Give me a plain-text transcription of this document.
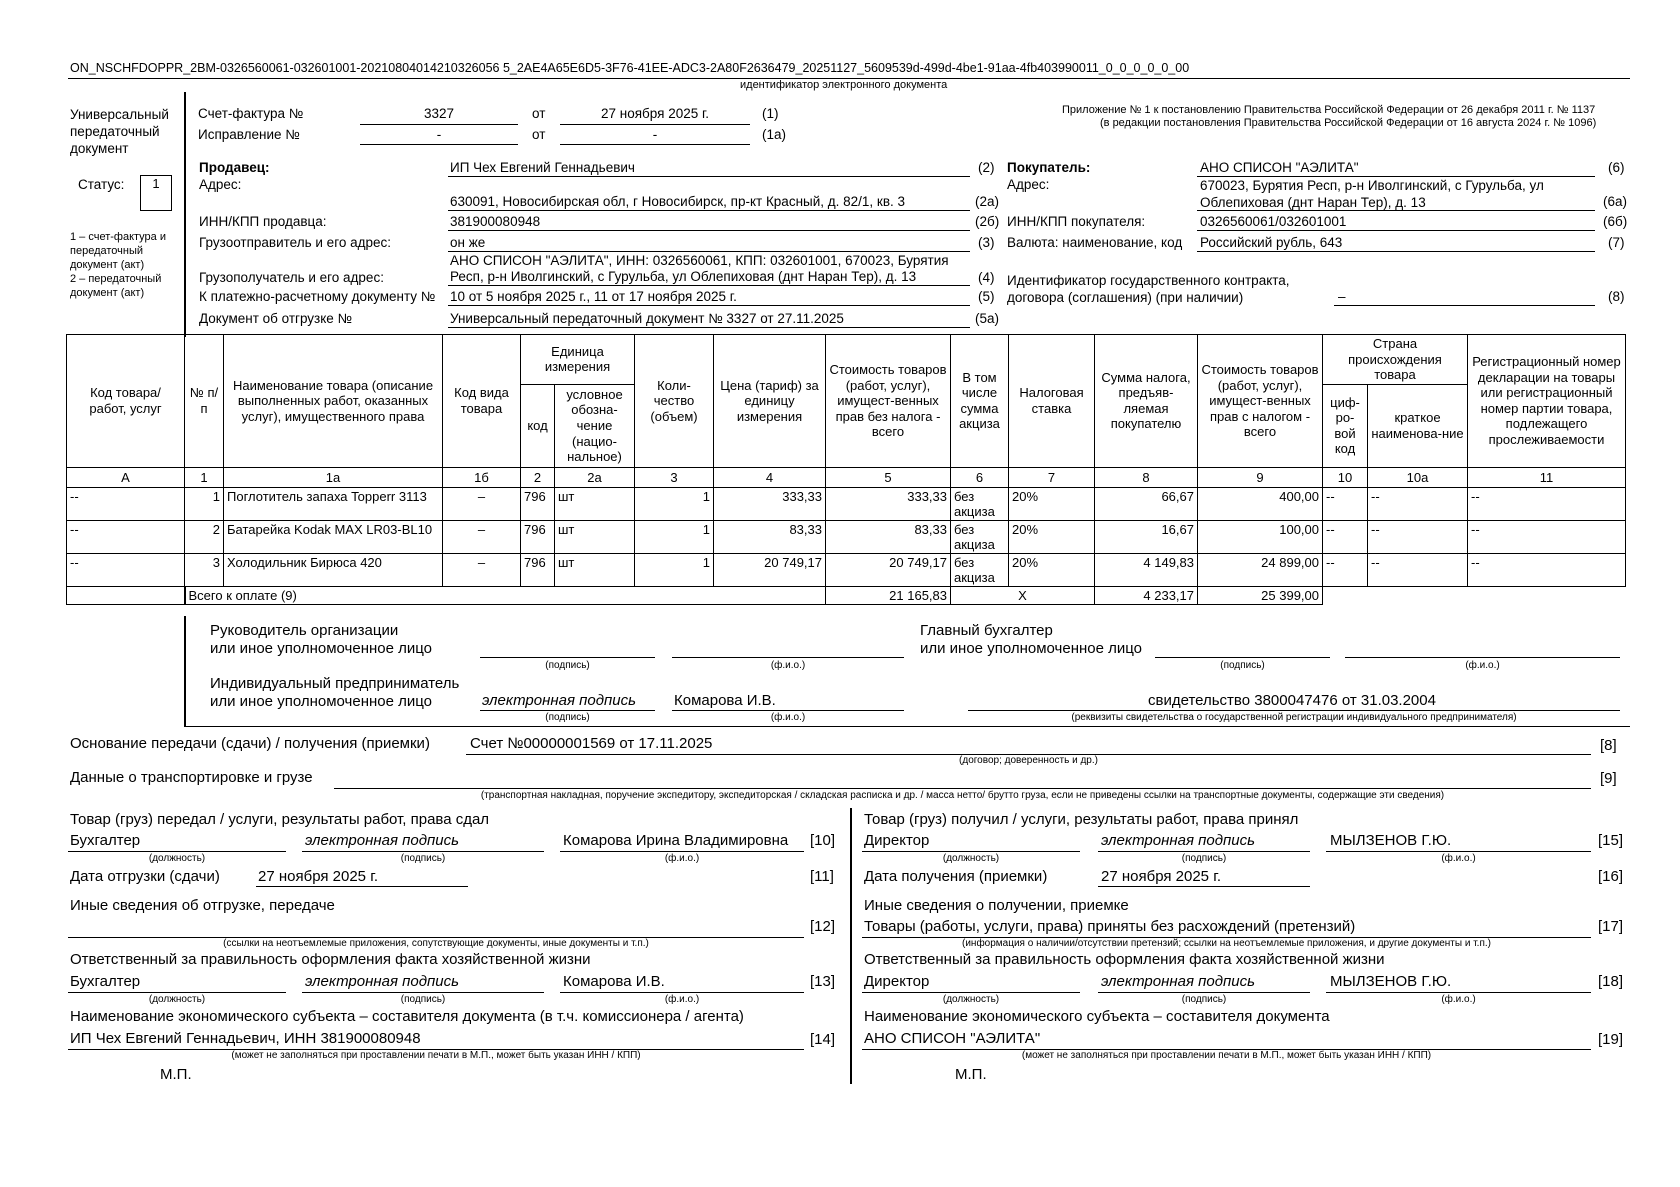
ON_NSCHFDOPPR_2BM-0326560061-032601001-20210804014210326056 5_2AE4A65E6D5-3F76-41EE-ADC3-2A80F2636479_20251127_5609539d-499d-4be1-91aa-4fb403990011_0_0_0_0_0_00
идентификатор электронного документа
Универсальный передаточный документ
Статус:	1
1 – счет-фактура и передаточный документ (акт)
2 – передаточный документ (акт)
Счет-фактура №	3327	от	27 ноября 2025 г.	(1)
Исправление №	-	от	-	(1а)
Приложение № 1 к постановлению Правительства Российской Федерации от 26 декабря 2011 г. № 1137
(в редакции постановления Правительства Российской Федерации от 16 августа 2024 г. № 1096)
Продавец:	ИП Чех Евгений Геннадьевич	(2)
Адрес:
630091, Новосибирская обл, г Новосибирск, пр-кт Красный, д. 82/1, кв. 3	(2а)
ИНН/КПП продавца:	381900080948	(2б)
Грузоотправитель и его адрес:	он же	(3)
Грузополучатель и его адрес:
АНО СПИСОН "АЭЛИТА", ИНН: 0326560061, КПП: 032601001, 670023, Бурятия Респ, р-н Иволгинский, с Гурульба, ул Облепиховая (днт Наран Тер), д. 13	(4)
К платежно-расчетному документу № 10 от 5 ноября 2025 г., 11 от 17 ноября 2025 г.	(5)
Документ об отгрузке №	Универсальный передаточный документ № 3327 от 27.11.2025	(5а)
Покупатель:	АНО СПИСОН "АЭЛИТА"	(6)
Адрес:	670023, Бурятия Респ, р-н Иволгинский, с Гурульба, ул Облепиховая (днт Наран Тер), д. 13	(6а)
ИНН/КПП покупателя:	0326560061/032601001	(6б)
Валюта: наименование, код Российский рубль, 643	(7)
Идентификатор государственного контракта,
договора (соглашения) (при наличии)	–	(8)
Код товара/ работ, услуг	№ п/п	Наименование товара (описание выполненных работ, оказанных услуг), имущественного права	Код вида товара	Единица измерения		Коли-чество (объем)	Цена (тариф) за единицу измерения	Стоимость товаров (работ, услуг), имущест-венных прав без налога - всего	В том числе сумма акциза	Налоговая ставка	Сумма налога, предъяв-ляемая покупателю	Стоимость товаров (работ, услуг), имущест-венных прав с налогом - всего	Страна происхождения товара		Регистрационный номер декларации на товары или регистрационный номер партии товара, подлежащего прослеживаемости
				код	условное обозна-чение (нацио-нальное)								циф-ро-вой код	краткое наименова-ние	
А	1	1а	1б	2	2а	3	4	5	6	7	8	9	10	10а	11
--	1	Поглотитель запаха Topperr 3113	–	796	шт	1	333,33	333,33	без акциза	20%	66,67	400,00	--	--	--
--	2	Батарейка Kodak MAX LR03-BL10	–	796	шт	1	83,33	83,33	без акциза	20%	16,67	100,00	--	--	--
--	3	Холодильник Бирюса 420	–	796	шт	1	20 749,17	20 749,17	без акциза	20%	4 149,83	24 899,00	--	--	--
	Всего к оплате (9)							21 165,83	X		4 233,17	25 399,00			
Руководитель организации
или иное уполномоченное лицо
(подпись)	(ф.и.о.)
Главный бухгалтер
или иное уполномоченное лицо
(подпись)	(ф.и.о.)
Индивидуальный предприниматель
или иное уполномоченное лицо	электронная подпись
(подпись)
Комарова И.В.
(ф.и.о.)
свидетельство 3800047476 от 31.03.2004
(реквизиты свидетельства о государственной регистрации индивидуального предпринимателя)
Основание передачи (сдачи) / получения (приемки)	Счет №00000001569 от 17.11.2025	[8]
(договор; доверенность и др.)
Данные о транспортировке и грузе	[9]
(транспортная накладная, поручение экспедитору, экспедиторская / складская расписка и др. / масса нетто/ брутто груза, если не приведены ссылки на транспортные документы, содержащие эти сведения)
Товар (груз) передал / услуги, результаты работ, права сдал
Бухгалтер
(должность)
электронная подпись
(подпись)
Комарова Ирина Владимировна
(ф.и.о.)
[10]
Дата отгрузки (сдачи)	27 ноября 2025 г.	[11]
Иные сведения об отгрузке, передаче
[12]
(ссылки на неотъемлемые приложения, сопутствующие документы, иные документы и т.п.)
Ответственный за правильность оформления факта хозяйственной жизни
Бухгалтер
(должность)
электронная подпись
(подпись)
Комарова И.В.
(ф.и.о.)
[13]
Наименование экономического субъекта – составителя документа (в т.ч. комиссионера / агента)
ИП Чех Евгений Геннадьевич, ИНН 381900080948	[14]
(может не заполняться при проставлении печати в М.П., может быть указан ИНН / КПП)
М.П.
Товар (груз) получил / услуги, результаты работ, права принял
Директор
(должность)
электронная подпись
(подпись)
МЫЛЗЕНОВ Г.Ю.
(ф.и.о.)
[15]
Дата получения (приемки)	27 ноября 2025 г.	[16]
Иные сведения о получении, приемке
Товары (работы, услуги, права) приняты без расхождений (претензий)	[17]
(информация о наличии/отсутствии претензий; ссылки на неотъемлемые приложения, и другие документы и т.п.)
Ответственный за правильность оформления факта хозяйственной жизни
Директор
(должность)
электронная подпись
(подпись)
МЫЛЗЕНОВ Г.Ю.
(ф.и.о.)
[18]
Наименование экономического субъекта – составителя документа
АНО СПИСОН "АЭЛИТА"	[19]
(может не заполняться при проставлении печати в М.П., может быть указан ИНН / КПП)
М.П.
